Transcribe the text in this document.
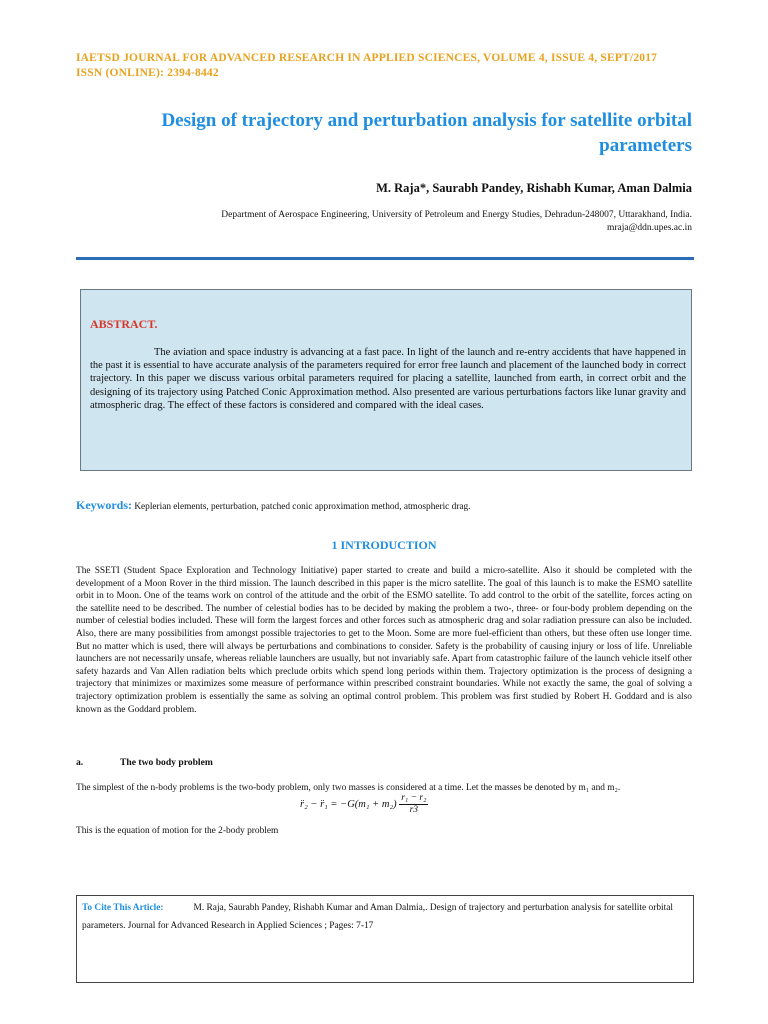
IAETSD JOURNAL FOR ADVANCED RESEARCH IN APPLIED SCIENCES, VOLUME 4, ISSUE 4, SEPT/2017
ISSN (ONLINE): 2394-8442
Design of trajectory and perturbation analysis for satellite orbital parameters
M. Raja*, Saurabh Pandey, Rishabh Kumar, Aman Dalmia
Department of Aerospace Engineering, University of Petroleum and Energy Studies, Dehradun-248007, Uttarakhand, India.
mraja@ddn.upes.ac.in
ABSTRACT.
The aviation and space industry is advancing at a fast pace. In light of the launch and re-entry accidents that have happened in the past it is essential to have accurate analysis of the parameters required for error free launch and placement of the launched body in correct trajectory. In this paper we discuss various orbital parameters required for placing a satellite, launched from earth, in correct orbit and the designing of its trajectory using Patched Conic Approximation method. Also presented are various perturbations factors like lunar gravity and atmospheric drag. The effect of these factors is considered and compared with the ideal cases.
Keywords: Keplerian elements, perturbation, patched conic approximation method, atmospheric drag.
1 INTRODUCTION
The SSETI (Student Space Exploration and Technology Initiative) paper started to create and build a micro-satellite. Also it should be completed with the development of a Moon Rover in the third mission. The launch described in this paper is the micro satellite. The goal of this launch is to make the ESMO satellite orbit in to Moon. One of the teams work on control of the attitude and the orbit of the ESMO satellite. To add control to the orbit of the satellite, forces acting on the satellite need to be described. The number of celestial bodies has to be decided by making the problem a two-, three- or four-body problem depending on the number of celestial bodies included. These will form the largest forces and other forces such as atmospheric drag and solar radiation pressure can also be included. Also, there are many possibilities from amongst possible trajectories to get to the Moon. Some are more fuel-efficient than others, but these often use longer time. But no matter which is used, there will always be perturbations and combinations to consider. Safety is the probability of causing injury or loss of life. Unreliable launchers are not necessarily unsafe, whereas reliable launchers are usually, but not invariably safe. Apart from catastrophic failure of the launch vehicle itself other safety hazards and Van Allen radiation belts which preclude orbits which spend long periods within them. Trajectory optimization is the process of designing a trajectory that minimizes or maximizes some measure of performance within prescribed constraint boundaries. While not exactly the same, the goal of solving a trajectory optimization problem is essentially the same as solving an optimal control problem. This problem was first studied by Robert H. Goddard and is also known as the Goddard problem.
a.	The two body problem
The simplest of the n-body problems is the two-body problem, only two masses is considered at a time. Let the masses be denoted by m₁ and m₂.
r̈₂ − r̈₁ = $-G(m_1 + m_2) \frac{\text{r₁ − r₂}}{r3}$
This is the equation of motion for the 2-body problem
To Cite This Article:	M. Raja, Saurabh Pandey, Rishabh Kumar and Aman Dalmia,. Design of trajectory and perturbation analysis for satellite orbital parameters. Journal for Advanced Research in Applied Sciences ; Pages: 7-17
